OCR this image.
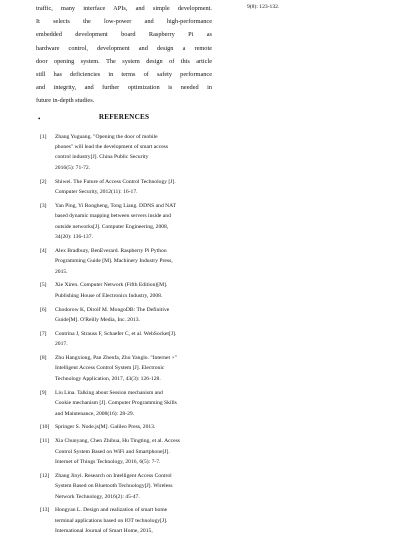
traffic, many interface APIs, and simple development.

It selects the low-power and high-performance

embedded development board Raspberry Pi as

hardware control, development and design a remote

door opening system. The system design of this article

still has deficiencies in terms of safety performance

and integrity, and further optimization is needed in

future in-depth studies.

•	REFERENCES
[1]	Zhang Yuguang. "Opening the door of mobile
phones" will lead the development of smart access
control industry[J]. China Public Security
2016(5): 71-72.
[2]	Shiwei. The Future of Access Control Technology [J].
Computer Security, 2012(11): 16-17.
[3]	Yan Ping, Yi Rongheng, Tong Liang. DDNS and NAT
based dynamic mapping between servers inside and
outside networks[J]. Computer Engineering, 2008,
34(20): 136-137.
[4]	Alex Bradbury, BenEverard. Raspberry Pi Python
Programming Guide [M]. Machinery Industry Press,
2015.
[5]	Xie Xiren. Computer Network (Fifth Edition)[M].
Publishing House of Electronics Industry, 2008.
[6]	Chodorow K, Dirolf M. MongoDB: The Definitive
Guide[M]. O'Reilly Media, Inc. 2013.
[7]	Contrina J, Strauss F, Schaefer C, et al. WebSocket[J].
2017.
[8]	Zhu Hangxiong, Pan Zhenfa, Zhu Yanglo. "Internet +"
Intelligent Access Control System [J]. Electronic
Technology Application, 2017, 43(3): 126-128.
[9]	Liu Lina. Talking about Session mechanism and
Cookie mechanism [J]. Computer Programming Skills
and Maintenance, 2008(16): 28-29.
[10]	Springer S. Node.js[M]. Galileo Press, 2013.
[11]	Xia Chunyang, Chen Zhihua, Hu Tingting, et al. Access
Control System Based on WiFi and Smartphone[J].
Internet of Things Technology, 2016, 6(5): 7-7.
[12]	Zhang Jinyi. Research on Intelligent Access Control
System Based on Bluetooth Technology[J]. Wireless
Network Technology, 2016(2): 45-47.
[13]	Hongyan L. Design and realization of smart home
terminal applications based on IOT technology[J].
International Journal of Smart Home, 2015,
9(8): 123-132.
